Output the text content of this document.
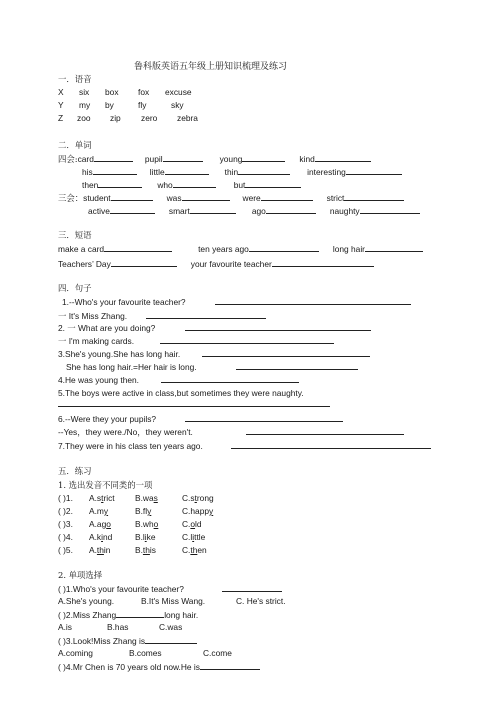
鲁科版英语五年级上册知识梳理及练习
一．语音
X six box fox excuse
Y my by	fly	sky
Z zoo zip zero zebra
二．单词
四会:card	pupil	young	kind
his	little	thin	interesting
then	who	but
三会：student	was	were	strict
active	smart	ago	naughty
三．短语
make a card	ten years ago	long hair
Teachers’ Day	your favourite teacher
四．句子
1.--Who's your favourite teacher?
一 It's Miss Zhang.
2. 一 What are you doing?
一 I'm making cards.
3.She's young.She has long hair.
She has long hair.=Her hair is long.
4.He was young then.
5.The boys were active in class,but sometimes they were naughty.
6.--Were they your pupils?
--Yes，they were./No，they weren't.
7.They were in his class ten years ago.
五．练习
1. 选出发音不同类的一项
( )1. A.strict B.was	C.strong
( )2. A.my	B.fly	C.happy
( )3. A.ago	B.who	C.old
( )4. A.kind	B.like	C.little
( )5. A.thin	B.this	C.then
2. 单项选择
( )1.Who's your favourite teacher?
A.She's young.	B.It's Miss Wang.	C. He's strict.
( )2.Miss Zhang	long hair.
A.is	B.has	C.was
( )3.Look!Miss Zhang is
A.coming	B.comes	C.come
( )4.Mr Chen is 70 years old now.He is
